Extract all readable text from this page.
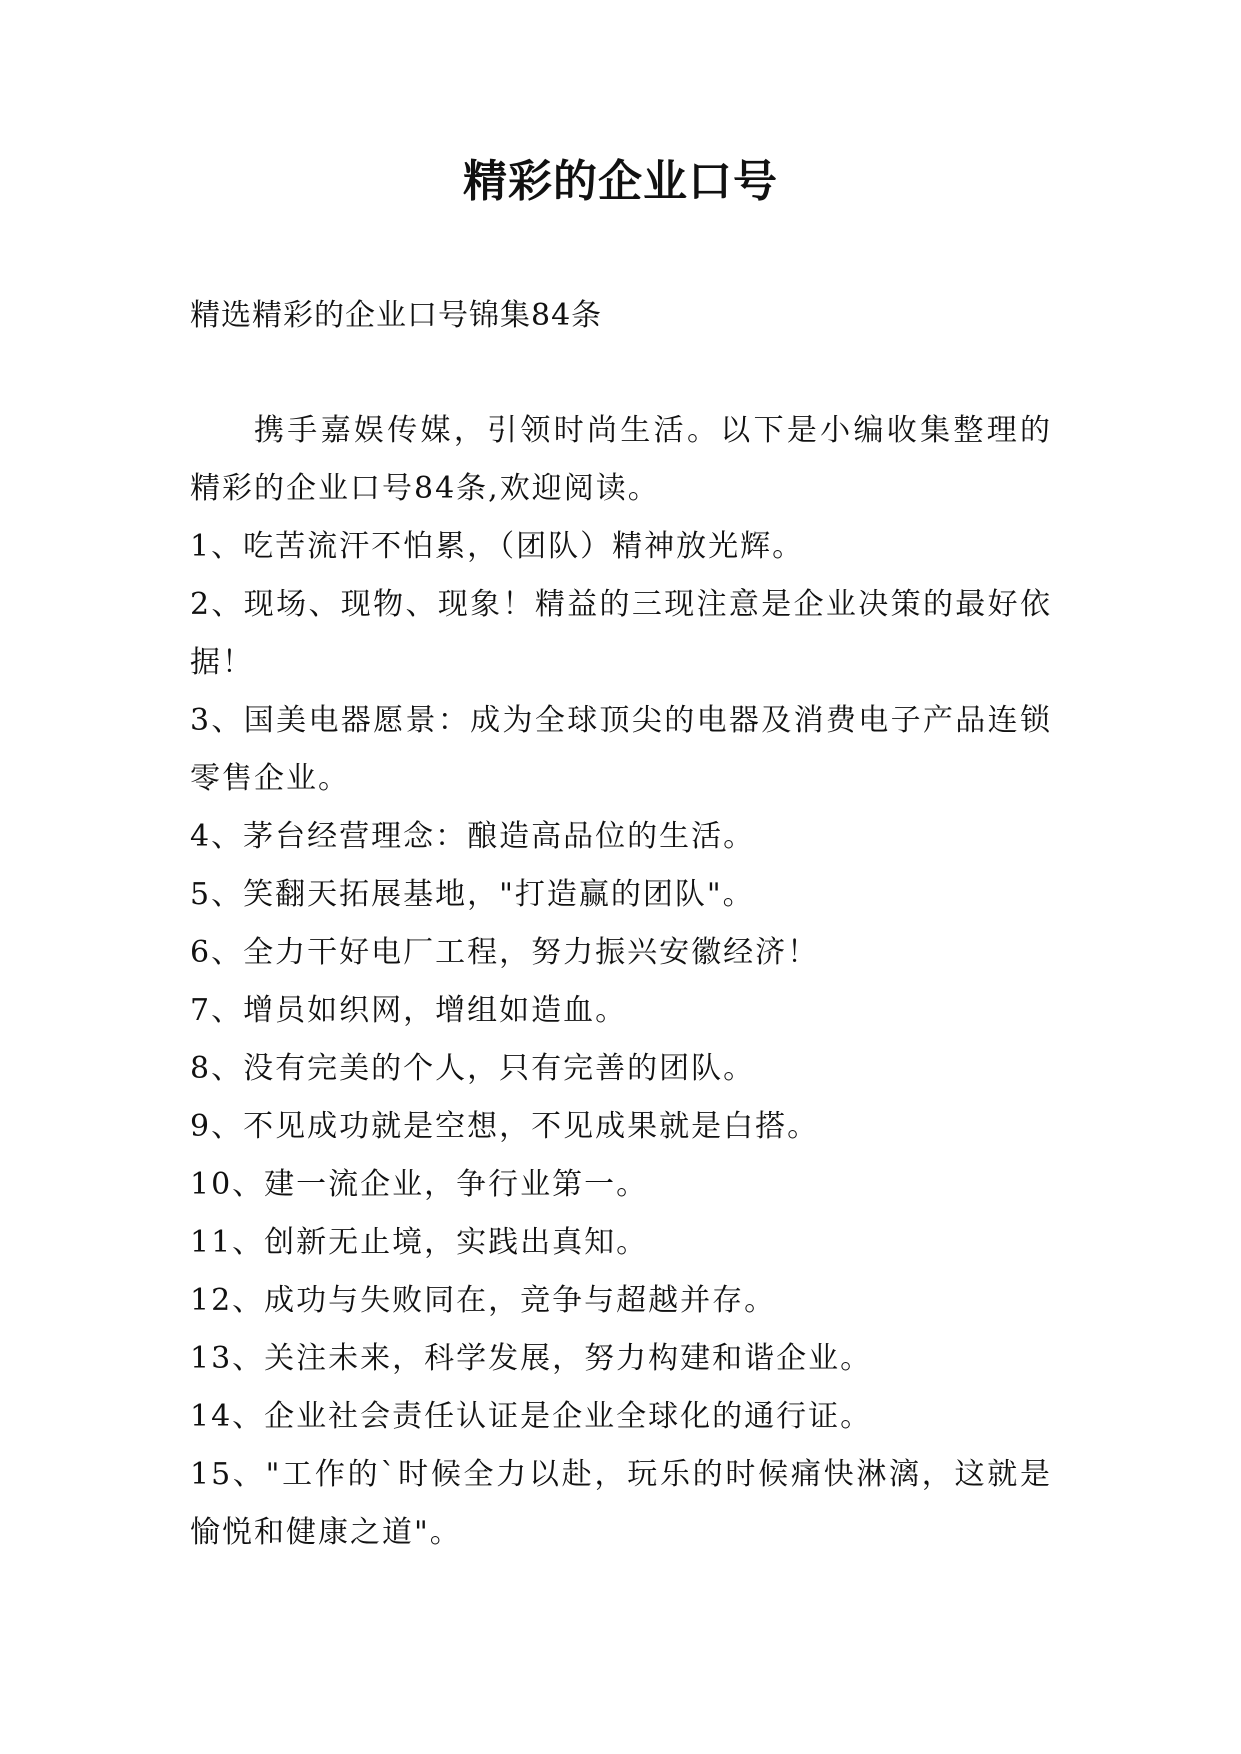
精彩的企业口号
精选精彩的企业口号锦集84条

携手嘉娱传媒，引领时尚生活。以下是小编收集整理的精彩的企业口号84条,欢迎阅读。

1、吃苦流汗不怕累，（团队）精神放光辉。

2、现场、现物、现象！精益的三现注意是企业决策的最好依据！

3、国美电器愿景：成为全球顶尖的电器及消费电子产品连锁零售企业。

4、茅台经营理念：酿造高品位的生活。

5、笑翻天拓展基地，"打造赢的团队"。

6、全力干好电厂工程，努力振兴安徽经济！

7、增员如织网，增组如造血。

8、没有完美的个人，只有完善的团队。

9、不见成功就是空想，不见成果就是白搭。

10、建一流企业，争行业第一。

11、创新无止境，实践出真知。

12、成功与失败同在，竞争与超越并存。

13、关注未来，科学发展，努力构建和谐企业。

14、企业社会责任认证是企业全球化的通行证。

15、"工作的`时候全力以赴，玩乐的时候痛快淋漓，这就是愉悦和健康之道"。
